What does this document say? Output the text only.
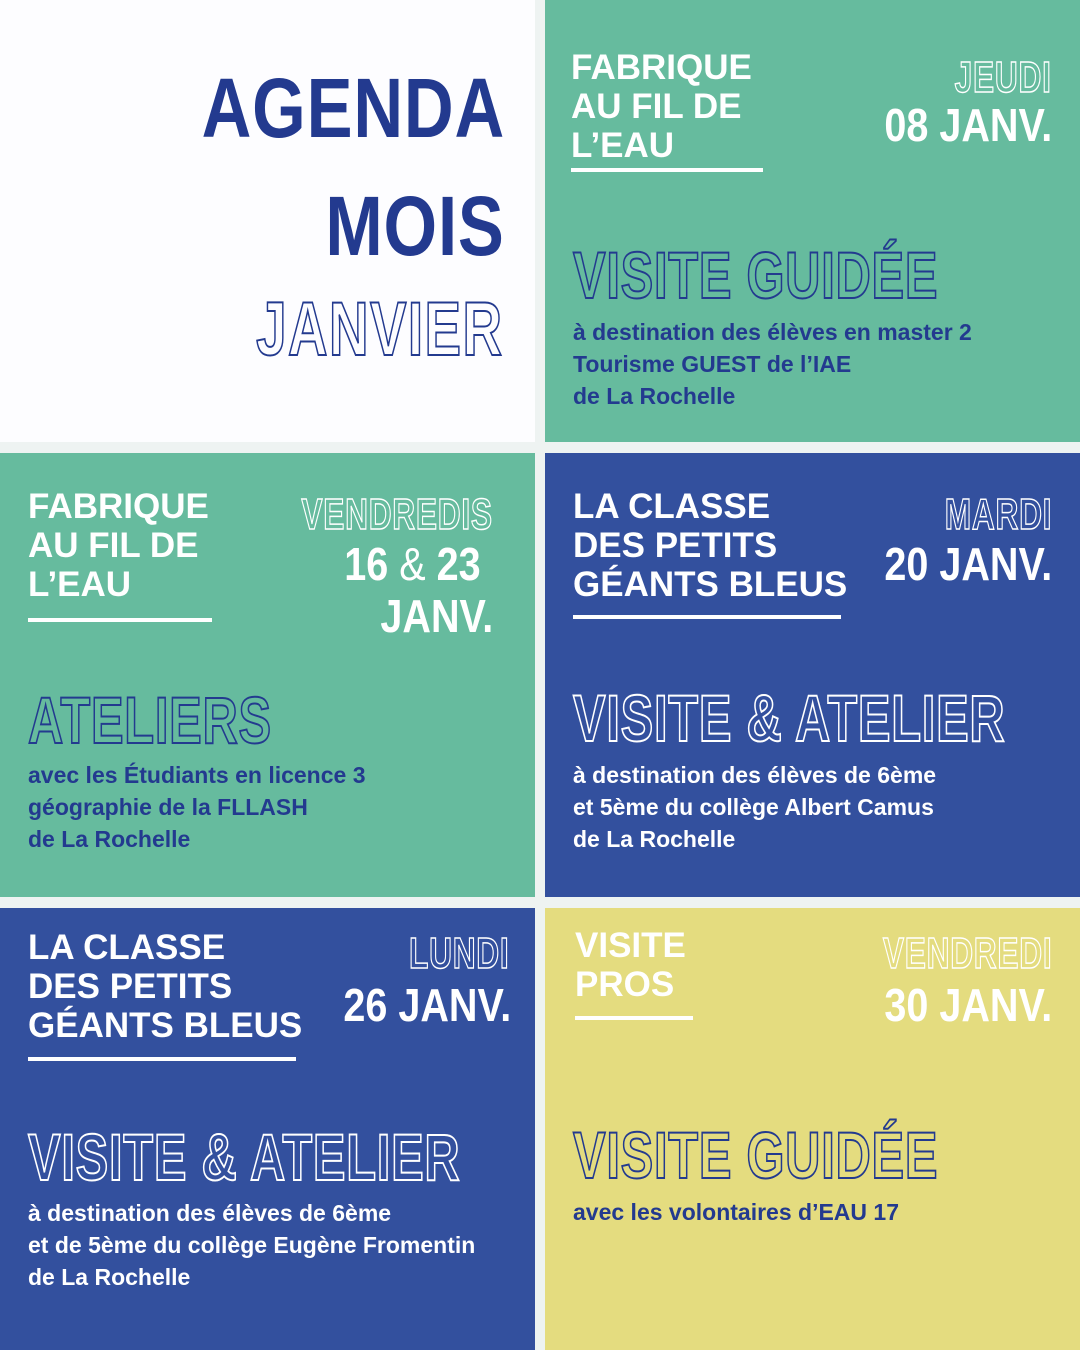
AGENDA
MOIS
JANVIER
FABRIQUE
AU FIL DE
L’EAU
JEUDI
08 JANV.
VISITE GUIDÉE
à destination des élèves en master 2
Tourisme GUEST de l’IAE
de La Rochelle
FABRIQUE
AU FIL DE
L’EAU
VENDREDIS
16 & 23
JANV.
ATELIERS
avec les Étudiants en licence 3
géographie de la FLLASH
de La Rochelle
LA CLASSE
DES PETITS
GÉANTS BLEUS
MARDI
20 JANV.
VISITE & ATELIER
à destination des élèves de 6ème
et 5ème du collège Albert Camus
de La Rochelle
LA CLASSE
DES PETITS
GÉANTS BLEUS
LUNDI
26 JANV.
VISITE & ATELIER
à destination des élèves de 6ème
et de 5ème du collège Eugène Fromentin
de La Rochelle
VISITE
PROS
VENDREDI
30 JANV.
VISITE GUIDÉE
avec les volontaires d’EAU 17
